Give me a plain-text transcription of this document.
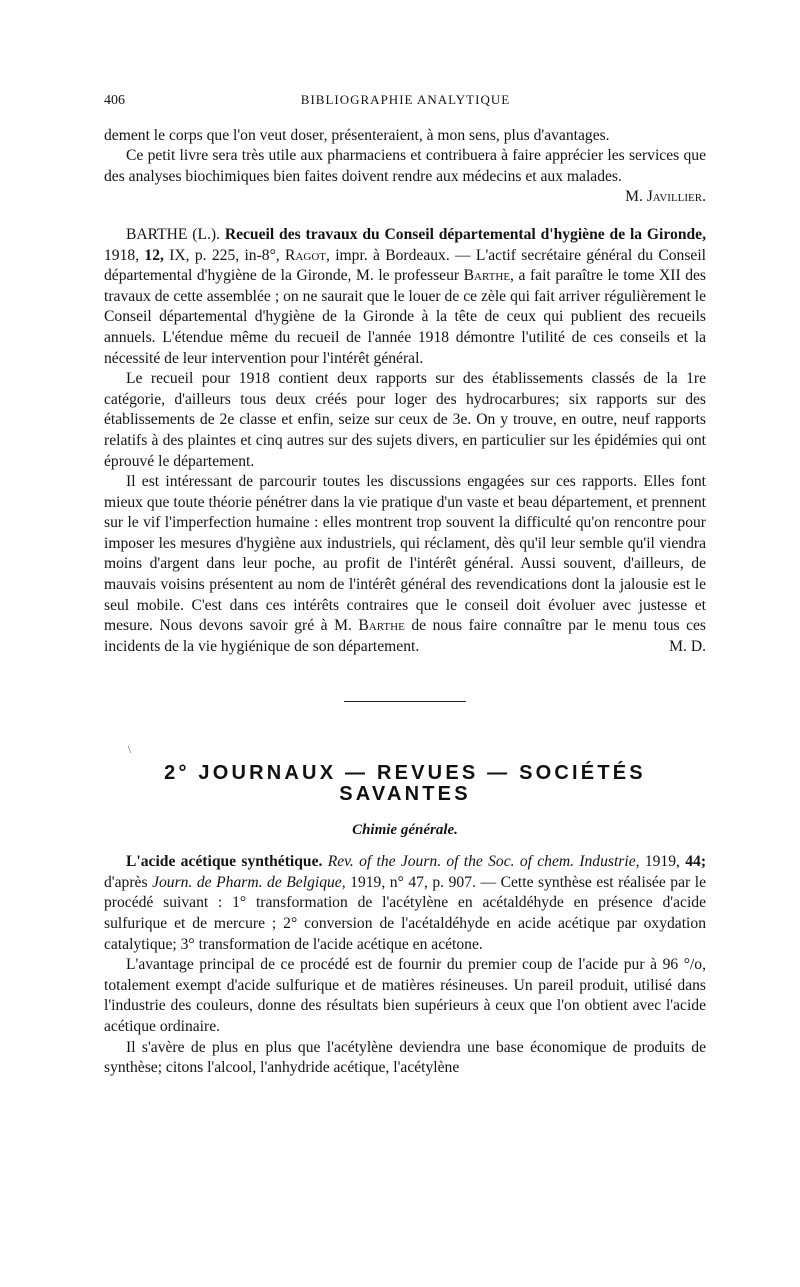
406	BIBLIOGRAPHIE ANALYTIQUE

dement le corps que l'on veut doser, présenteraient, à mon sens, plus d'avantages.

Ce petit livre sera très utile aux pharmaciens et contribuera à faire apprécier les services que des analyses biochimiques bien faites doivent rendre aux médecins et aux malades.
M. Javillier.

BARTHE (L.). Recueil des travaux du Conseil départemental d'hygiène de la Gironde, 1918, 12, IX, p. 225, in-8°, Ragot, impr. à Bordeaux. — L'actif secrétaire général du Conseil départemental d'hygiène de la Gironde, M. le professeur Barthe, a fait paraître le tome XII des travaux de cette assemblée ; on ne saurait que le louer de ce zèle qui fait arriver régulièrement le Conseil départemental d'hygiène de la Gironde à la tête de ceux qui publient des recueils annuels. L'étendue même du recueil de l'année 1918 démontre l'utilité de ces conseils et la nécessité de leur intervention pour l'intérêt général.

Le recueil pour 1918 contient deux rapports sur des établissements classés de la 1re catégorie, d'ailleurs tous deux créés pour loger des hydrocarbures; six rapports sur des établissements de 2e classe et enfin, seize sur ceux de 3e. On y trouve, en outre, neuf rapports relatifs à des plaintes et cinq autres sur des sujets divers, en particulier sur les épidémies qui ont éprouvé le département.

Il est intéressant de parcourir toutes les discussions engagées sur ces rapports. Elles font mieux que toute théorie pénétrer dans la vie pratique d'un vaste et beau département, et prennent sur le vif l'imperfection humaine : elles montrent trop souvent la difficulté qu'on rencontre pour imposer les mesures d'hygiène aux industriels, qui réclament, dès qu'il leur semble qu'il viendra moins d'argent dans leur poche, au profit de l'intérêt général. Aussi souvent, d'ailleurs, de mauvais voisins présentent au nom de l'intérêt général des revendications dont la jalousie est le seul mobile. C'est dans ces intérêts contraires que le conseil doit évoluer avec justesse et mesure. Nous devons savoir gré à M. Barthe de nous faire connaître par le menu tous ces incidents de la vie hygiénique de son département.	M. D.

\
2° JOURNAUX — REVUES — SOCIÉTÉS SAVANTES
Chimie générale.

L'acide acétique synthétique. Rev. of the Journ. of the Soc. of chem. Industrie, 1919, 44; d'après Journ. de Pharm. de Belgique, 1919, n° 47, p. 907. — Cette synthèse est réalisée par le procédé suivant : 1° transformation de l'acétylène en acétaldéhyde en présence d'acide sulfurique et de mercure ; 2° conversion de l'acétaldéhyde en acide acétique par oxydation catalytique; 3° transformation de l'acide acétique en acétone.

L'avantage principal de ce procédé est de fournir du premier coup de l'acide pur à 96 °/o, totalement exempt d'acide sulfurique et de matières résineuses. Un pareil produit, utilisé dans l'industrie des couleurs, donne des résultats bien supérieurs à ceux que l'on obtient avec l'acide acétique ordinaire.

Il s'avère de plus en plus que l'acétylène deviendra une base économique de produits de synthèse; citons l'alcool, l'anhydride acétique, l'acétylène
